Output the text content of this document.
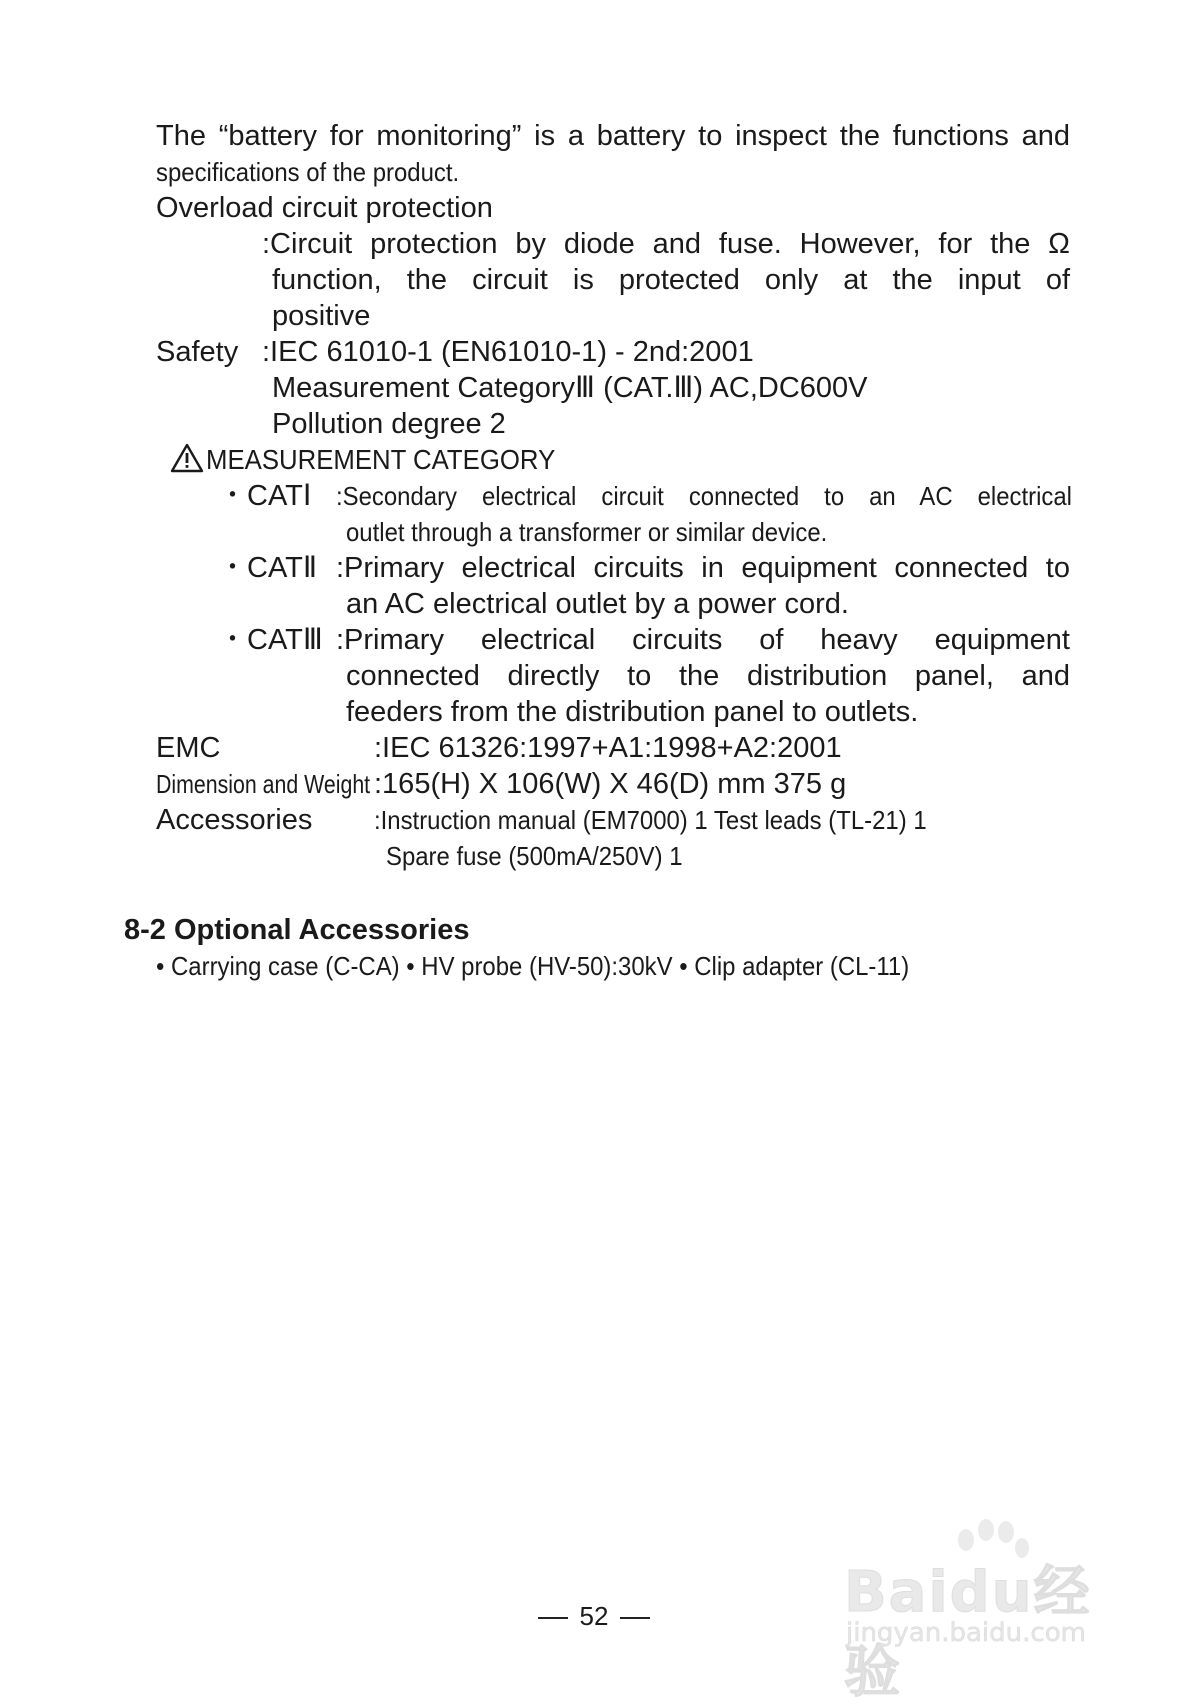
The “battery for monitoring” is a battery to inspect the functions and
specifications of the product.
Overload circuit protection
:Circuit protection by diode and fuse. However, for the Ω
function, the circuit is protected only at the input of
positive
Safety :IEC 61010-1 (EN61010-1) - 2nd:2001
Measurement CategoryⅢ (CAT.Ⅲ) AC,DC600V
Pollution degree 2
MEASUREMENT CATEGORY
・CATⅠ :Secondary electrical circuit connected to an AC electrical
outlet through a transformer or similar device.
・CATⅡ :Primary electrical circuits in equipment connected to
an AC electrical outlet by a power cord.
・CATⅢ :Primary electrical circuits of heavy equipment
connected directly to the distribution panel, and
feeders from the distribution panel to outlets.
EMC	:IEC 61326:1997+A1:1998+A2:2001
Dimension and Weight :165(H) X 106(W) X 46(D) mm 375 g
Accessories :Instruction manual (EM7000) 1 Test leads (TL-21) 1
Spare fuse (500mA/250V) 1
8-2 Optional Accessories
• Carrying case (C-CA) • HV probe (HV-50):30kV • Clip adapter (CL-11)
Baidu经验
jingyan.baidu.com
52
